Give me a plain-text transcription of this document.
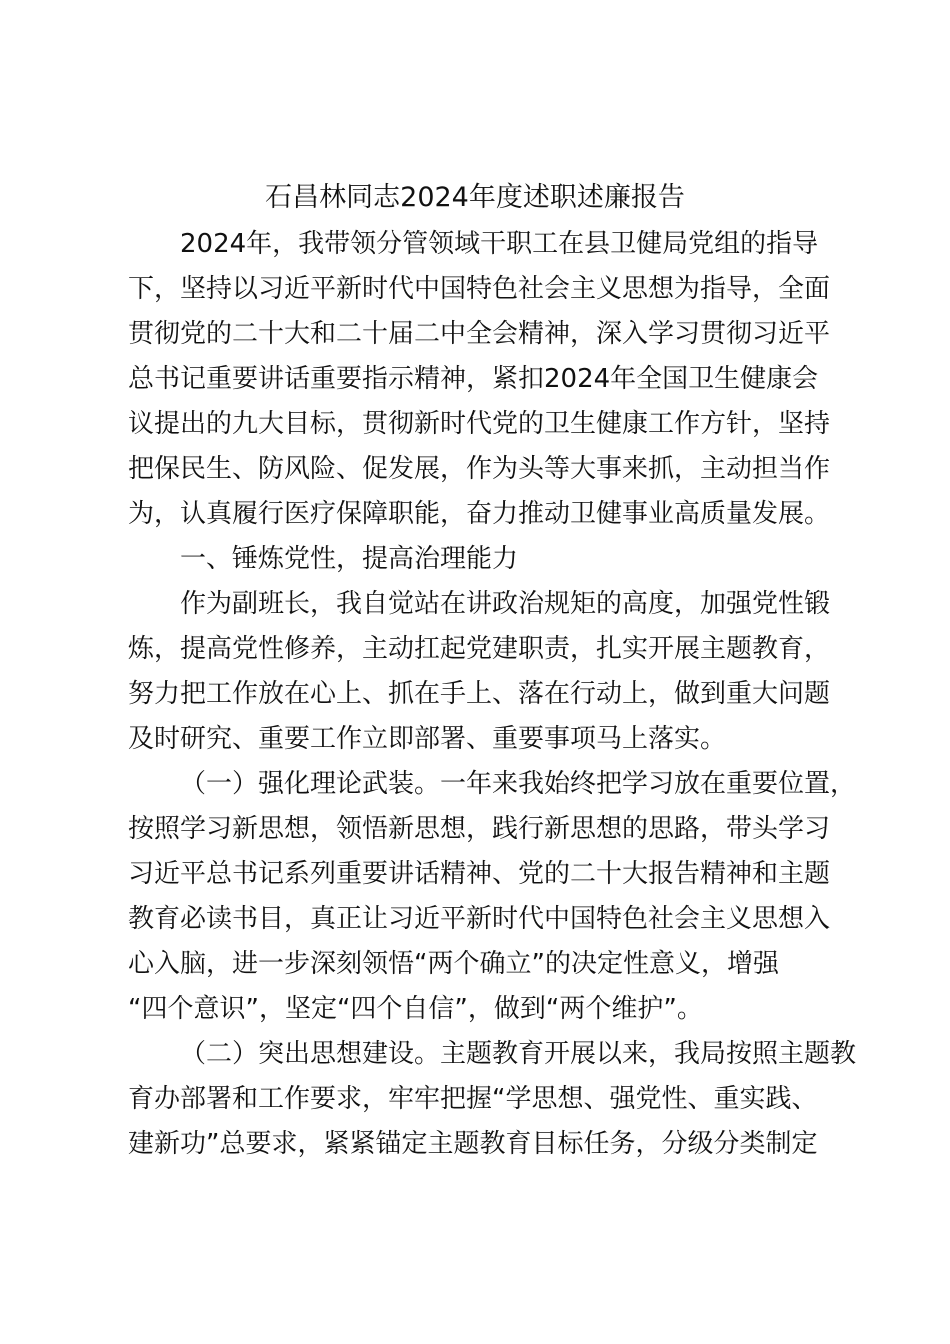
石昌林同志2024年度述职述廉报告
2024年，我带领分管领域干职工在县卫健局党组的指导
下，坚持以习近平新时代中国特色社会主义思想为指导，全面
贯彻党的二十大和二十届二中全会精神，深入学习贯彻习近平
总书记重要讲话重要指示精神，紧扣2024年全国卫生健康会
议提出的九大目标，贯彻新时代党的卫生健康工作方针，坚持
把保民生、防风险、促发展，作为头等大事来抓，主动担当作
为，认真履行医疗保障职能，奋力推动卫健事业高质量发展。
一、锤炼党性，提高治理能力
作为副班长，我自觉站在讲政治规矩的高度，加强党性锻
炼，提高党性修养，主动扛起党建职责，扎实开展主题教育，
努力把工作放在心上、抓在手上、落在行动上，做到重大问题
及时研究、重要工作立即部署、重要事项马上落实。
（一）强化理论武装。一年来我始终把学习放在重要位置，
按照学习新思想，领悟新思想，践行新思想的思路，带头学习
习近平总书记系列重要讲话精神、党的二十大报告精神和主题
教育必读书目，真正让习近平新时代中国特色社会主义思想入
心入脑，进一步深刻领悟“两个确立”的决定性意义，增强
“四个意识”，坚定“四个自信”，做到“两个维护”。
（二）突出思想建设。主题教育开展以来，我局按照主题教
育办部署和工作要求，牢牢把握“学思想、强党性、重实践、
建新功”总要求，紧紧锚定主题教育目标任务，分级分类制定
